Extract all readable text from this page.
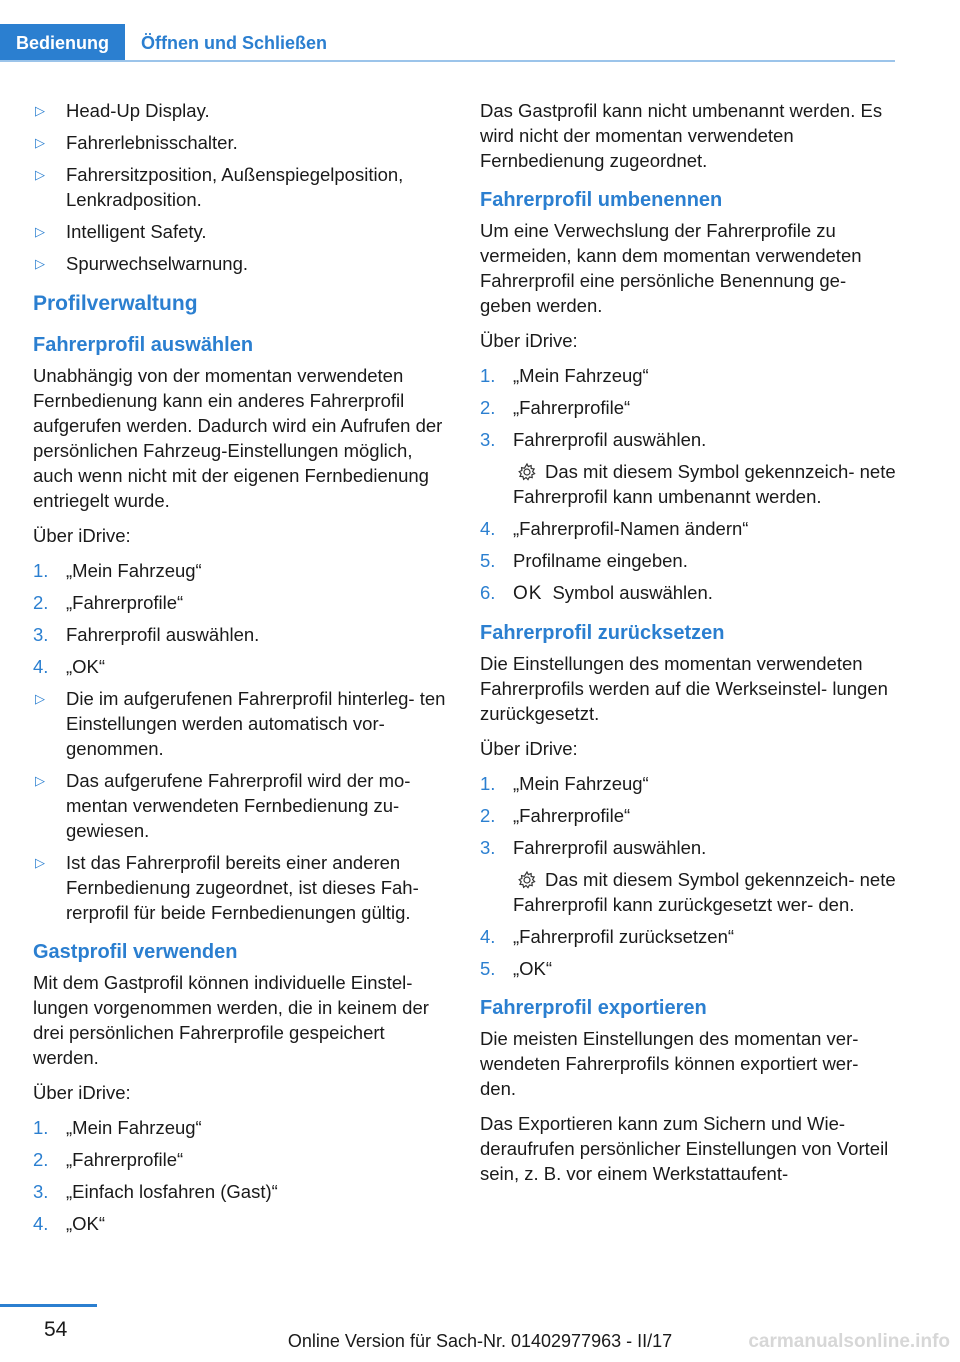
Bedienung	Öffnen und Schließen
▷ Head-Up Display.
▷ Fahrerlebnisschalter.
▷ Fahrersitzposition, Außenspiegelposition, Lenkradposition.
▷ Intelligent Safety.
▷ Spurwechselwarnung.
Profilverwaltung
Fahrerprofil auswählen

Unabhängig von der momentan verwendeten Fernbedienung kann ein anderes Fahrerprofil aufgerufen werden. Dadurch wird ein Aufrufen der persönlichen Fahrzeug-Einstellungen möglich, auch wenn nicht mit der eigenen Fernbedienung entriegelt wurde.

Über iDrive:

1. „Mein Fahrzeug“
2. „Fahrerprofile“
3. Fahrerprofil auswählen.
4. „OK“
▷ Die im aufgerufenen Fahrerprofil hinterleg‐ ten Einstellungen werden automatisch vor‐ genommen.
▷ Das aufgerufene Fahrerprofil wird der mo‐ mentan verwendeten Fernbedienung zu‐ gewiesen.
▷ Ist das Fahrerprofil bereits einer anderen Fernbedienung zugeordnet, ist dieses Fah‐ rerprofil für beide Fernbedienungen gültig.
Gastprofil verwenden

Mit dem Gastprofil können individuelle Einstel‐ lungen vorgenommen werden, die in keinem der drei persönlichen Fahrerprofile gespeichert werden.

Über iDrive:

1. „Mein Fahrzeug“
2. „Fahrerprofile“
3. „Einfach losfahren (Gast)“
4. „OK“

Das Gastprofil kann nicht umbenannt werden. Es wird nicht der momentan verwendeten Fernbedienung zugeordnet.

Fahrerprofil umbenennen

Um eine Verwechslung der Fahrerprofile zu vermeiden, kann dem momentan verwendeten Fahrerprofil eine persönliche Benennung ge‐ geben werden.

Über iDrive:

1. „Mein Fahrzeug“
2. „Fahrerprofile“
3. Fahrerprofil auswählen.
Das mit diesem Symbol gekennzeich‐ nete Fahrerprofil kann umbenannt werden.
4. „Fahrerprofil-Namen ändern“
5. Profilname eingeben.
6. OK Symbol auswählen.
Fahrerprofil zurücksetzen

Die Einstellungen des momentan verwendeten Fahrerprofils werden auf die Werkseinstel‐ lungen zurückgesetzt.

Über iDrive:

1. „Mein Fahrzeug“
2. „Fahrerprofile“
3. Fahrerprofil auswählen.
Das mit diesem Symbol gekennzeich‐ nete Fahrerprofil kann zurückgesetzt wer‐ den.
4. „Fahrerprofil zurücksetzen“
5. „OK“
Fahrerprofil exportieren

Die meisten Einstellungen des momentan ver‐ wendeten Fahrerprofils können exportiert wer‐ den.

Das Exportieren kann zum Sichern und Wie‐ deraufrufen persönlicher Einstellungen von Vorteil sein, z. B. vor einem Werkstattaufent‐

54	Online Version für Sach-Nr. 01402977963 - II/17	carmanualsonline.info
